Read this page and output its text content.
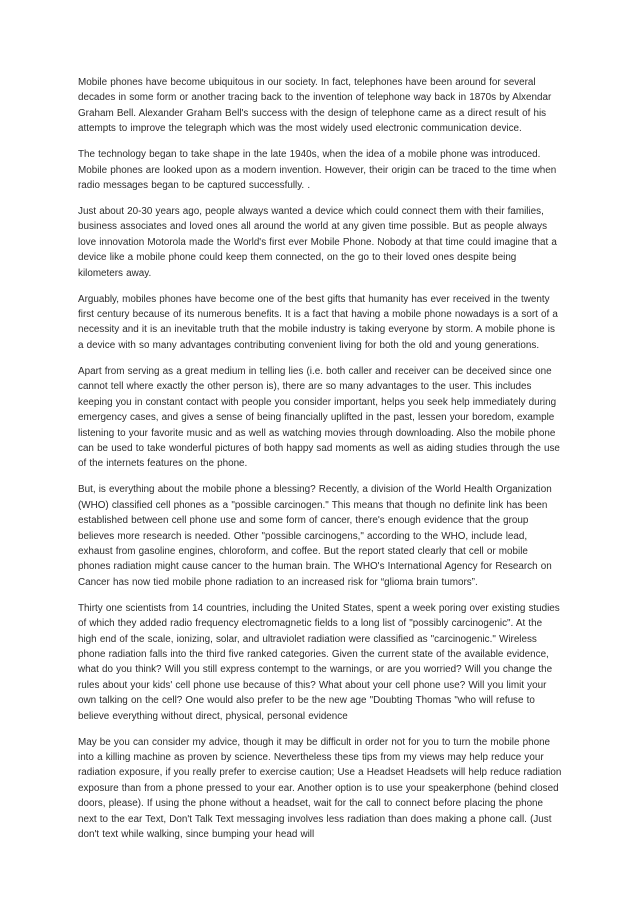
Mobile phones have become ubiquitous in our society. In fact, telephones have been around for several decades in some form or another tracing back to the invention of telephone way back in 1870s by Alxendar Graham Bell. Alexander Graham Bell's success with the design of telephone came as a direct result of his attempts to improve the telegraph which was the most widely used electronic communication device.

The technology began to take shape in the late 1940s, when the idea of a mobile phone was introduced. Mobile phones are looked upon as a modern invention. However, their origin can be traced to the time when radio messages began to be captured successfully. .

Just about 20-30 years ago, people always wanted a device which could connect them with their families, business associates and loved ones all around the world at any given time possible. But as people always love innovation Motorola made the World's first ever Mobile Phone. Nobody at that time could imagine that a device like a mobile phone could keep them connected, on the go to their loved ones despite being kilometers away.

Arguably, mobiles phones have become one of the best gifts that humanity has ever received in the twenty first century because of its numerous benefits. It is a fact that having a mobile phone nowadays is a sort of a necessity and it is an inevitable truth that the mobile industry is taking everyone by storm. A mobile phone is a device with so many advantages contributing convenient living for both the old and young generations.

Apart from serving as a great medium in telling lies (i.e. both caller and receiver can be deceived since one cannot tell where exactly the other person is), there are so many advantages to the user. This includes keeping you in constant contact with people you consider important, helps you seek help immediately during emergency cases, and gives a sense of being financially uplifted in the past, lessen your boredom, example listening to your favorite music and as well as watching movies through downloading. Also the mobile phone can be used to take wonderful pictures of both happy sad moments as well as aiding studies through the use of the internets features on the phone.

But, is everything about the mobile phone a blessing? Recently, a division of the World Health Organization (WHO) classified cell phones as a "possible carcinogen." This means that though no definite link has been established between cell phone use and some form of cancer, there's enough evidence that the group believes more research is needed. Other "possible carcinogens," according to the WHO, include lead, exhaust from gasoline engines, chloroform, and coffee. But the report stated clearly that cell or mobile phones radiation might cause cancer to the human brain. The WHO's International Agency for Research on Cancer has now tied mobile phone radiation to an increased risk for “glioma brain tumors”.

Thirty one scientists from 14 countries, including the United States, spent a week poring over existing studies of which they added radio frequency electromagnetic fields to a long list of "possibly carcinogenic". At the high end of the scale, ionizing, solar, and ultraviolet radiation were classified as "carcinogenic." Wireless phone radiation falls into the third five ranked categories. Given the current state of the available evidence, what do you think? Will you still express contempt to the warnings, or are you worried? Will you change the rules about your kids' cell phone use because of this? What about your cell phone use? Will you limit your own talking on the cell? One would also prefer to be the new age "Doubting Thomas "who will refuse to believe everything without direct, physical, personal evidence

May be you can consider my advice, though it may be difficult in order not for you to turn the mobile phone into a killing machine as proven by science. Nevertheless these tips from my views may help reduce your radiation exposure, if you really prefer to exercise caution; Use a Headset Headsets will help reduce radiation exposure than from a phone pressed to your ear. Another option is to use your speakerphone (behind closed doors, please). If using the phone without a headset, wait for the call to connect before placing the phone next to the ear Text, Don't Talk Text messaging involves less radiation than does making a phone call. (Just don't text while walking, since bumping your head will
